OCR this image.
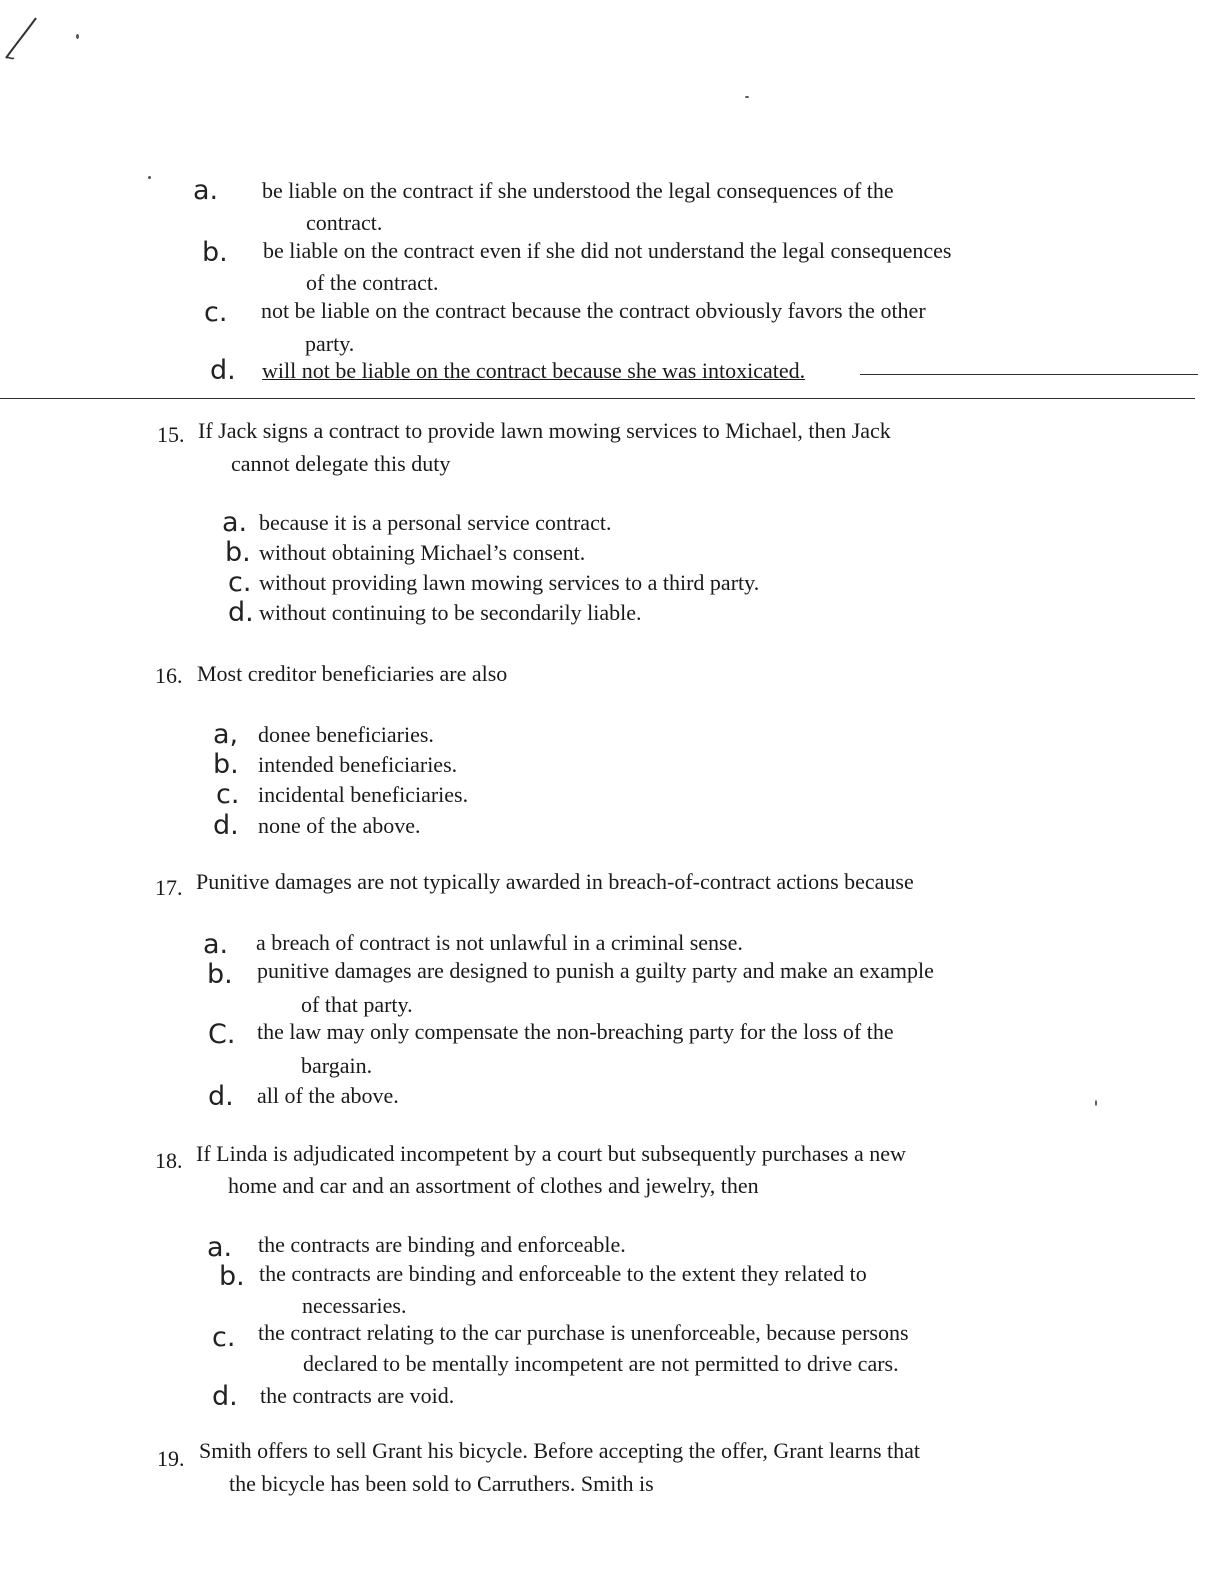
a. be liable on the contract if she understood the legal consequences of the
contract.
b. be liable on the contract even if she did not understand the legal consequences
of the contract.
c. not be liable on the contract because the contract obviously favors the other
party.
d. will not be liable on the contract because she was intoxicated.
15. If Jack signs a contract to provide lawn mowing services to Michael, then Jack
cannot delegate this duty
a. because it is a personal service contract.
b. without obtaining Michael’s consent.
c. without providing lawn mowing services to a third party.
d. without continuing to be secondarily liable.
16. Most creditor beneficiaries are also
a, donee beneficiaries.
b. intended beneficiaries.
c. incidental beneficiaries.
d. none of the above.
17. Punitive damages are not typically awarded in breach-of-contract actions because
a. a breach of contract is not unlawful in a criminal sense.
b. punitive damages are designed to punish a guilty party and make an example
of that party.
C. the law may only compensate the non-breaching party for the loss of the
bargain.
d. all of the above.
18. If Linda is adjudicated incompetent by a court but subsequently purchases a new
home and car and an assortment of clothes and jewelry, then
a. the contracts are binding and enforceable.
b. the contracts are binding and enforceable to the extent they related to
necessaries.
c. the contract relating to the car purchase is unenforceable, because persons
declared to be mentally incompetent are not permitted to drive cars.
d. the contracts are void.
19. Smith offers to sell Grant his bicycle. Before accepting the offer, Grant learns that
the bicycle has been sold to Carruthers. Smith is
